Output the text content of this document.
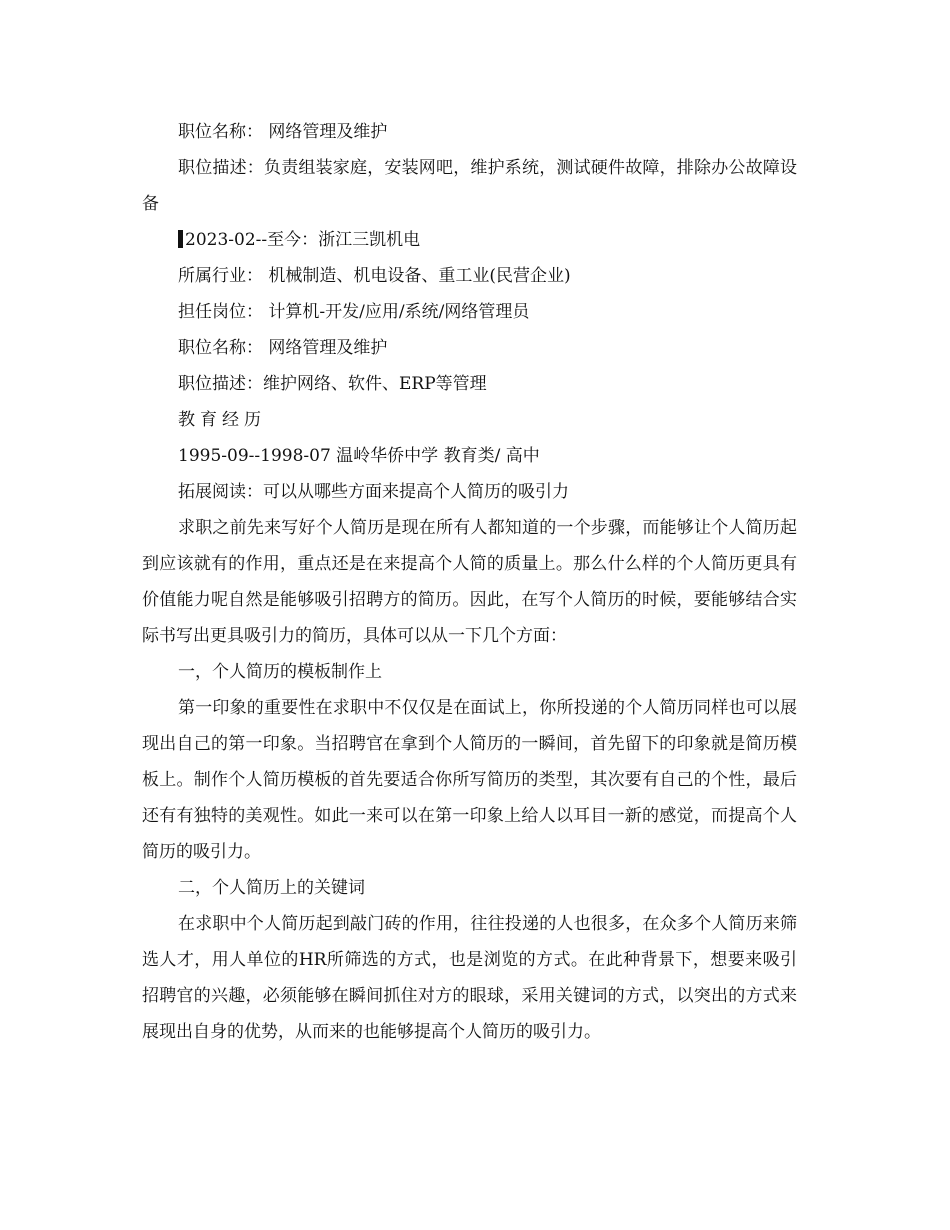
职位名称： 网络管理及维护

职位描述：负责组装家庭，安装网吧，维护系统，测试硬件故障，排除办公故障设备

2023-02--至今：浙江三凯机电

所属行业： 机械制造、机电设备、重工业(民营企业)

担任岗位： 计算机-开发/应用/系统/网络管理员

职位名称： 网络管理及维护

职位描述：维护网络、软件、ERP等管理

教育经历

1995-09--1998-07 温岭华侨中学 教育类/ 高中

拓展阅读：可以从哪些方面来提高个人简历的吸引力

求职之前先来写好个人简历是现在所有人都知道的一个步骤，而能够让个人简历起到应该就有的作用，重点还是在来提高个人简的质量上。那么什么样的个人简历更具有价值能力呢自然是能够吸引招聘方的简历。因此，在写个人简历的时候，要能够结合实际书写出更具吸引力的简历，具体可以从一下几个方面：

一，个人简历的模板制作上

第一印象的重要性在求职中不仅仅是在面试上，你所投递的个人简历同样也可以展现出自己的第一印象。当招聘官在拿到个人简历的一瞬间，首先留下的印象就是简历模板上。制作个人简历模板的首先要适合你所写简历的类型，其次要有自己的个性，最后还有有独特的美观性。如此一来可以在第一印象上给人以耳目一新的感觉，而提高个人简历的吸引力。

二，个人简历上的关键词

在求职中个人简历起到敲门砖的作用，往往投递的人也很多，在众多个人简历来筛选人才，用人单位的HR所筛选的方式，也是浏览的方式。在此种背景下，想要来吸引招聘官的兴趣，必须能够在瞬间抓住对方的眼球，采用关键词的方式，以突出的方式来展现出自身的优势，从而来的也能够提高个人简历的吸引力。
